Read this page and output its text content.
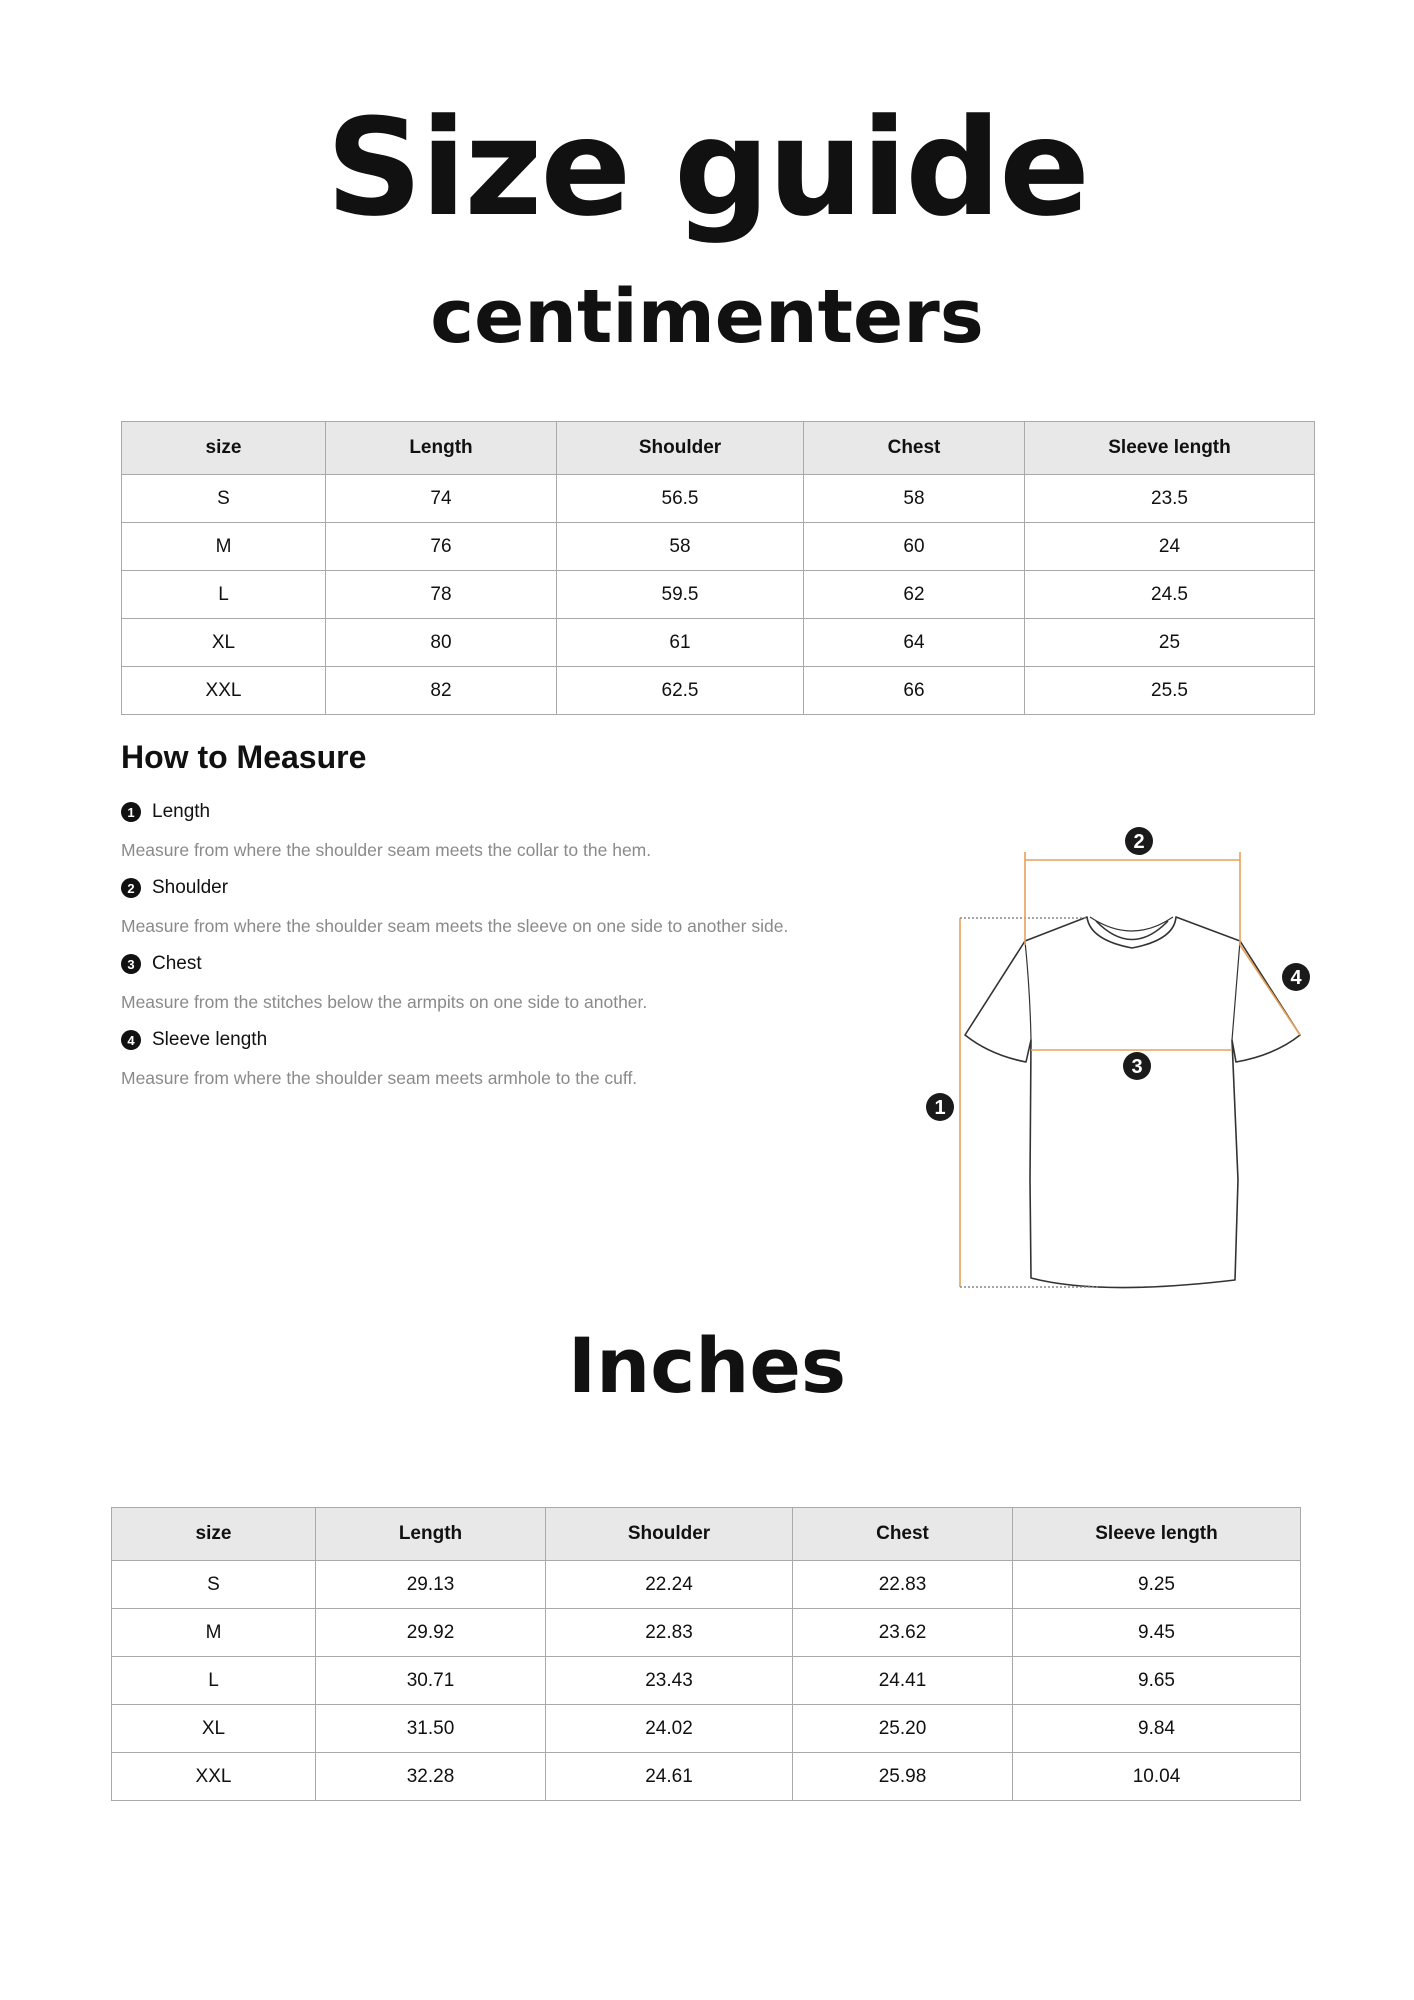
Size guide
centimenters
size	Length	Shoulder	Chest	Sleeve length
S	74	56.5	58	23.5
M	76	58	60	24
L	78	59.5	62	24.5
XL	80	61	64	25
XXL	82	62.5	66	25.5
How to Measure
1 Length
Measure from where the shoulder seam meets the collar to the hem.
2 Shoulder
Measure from where the shoulder seam meets the sleeve on one side to another side.
3 Chest
Measure from the stitches below the armpits on one side to another.
4 Sleeve length
Measure from where the shoulder seam meets armhole to the cuff.
1
2
3
4
Inches
size	Length	Shoulder	Chest	Sleeve length
S	29.13	22.24	22.83	9.25
M	29.92	22.83	23.62	9.45
L	30.71	23.43	24.41	9.65
XL	31.50	24.02	25.20	9.84
XXL	32.28	24.61	25.98	10.04
